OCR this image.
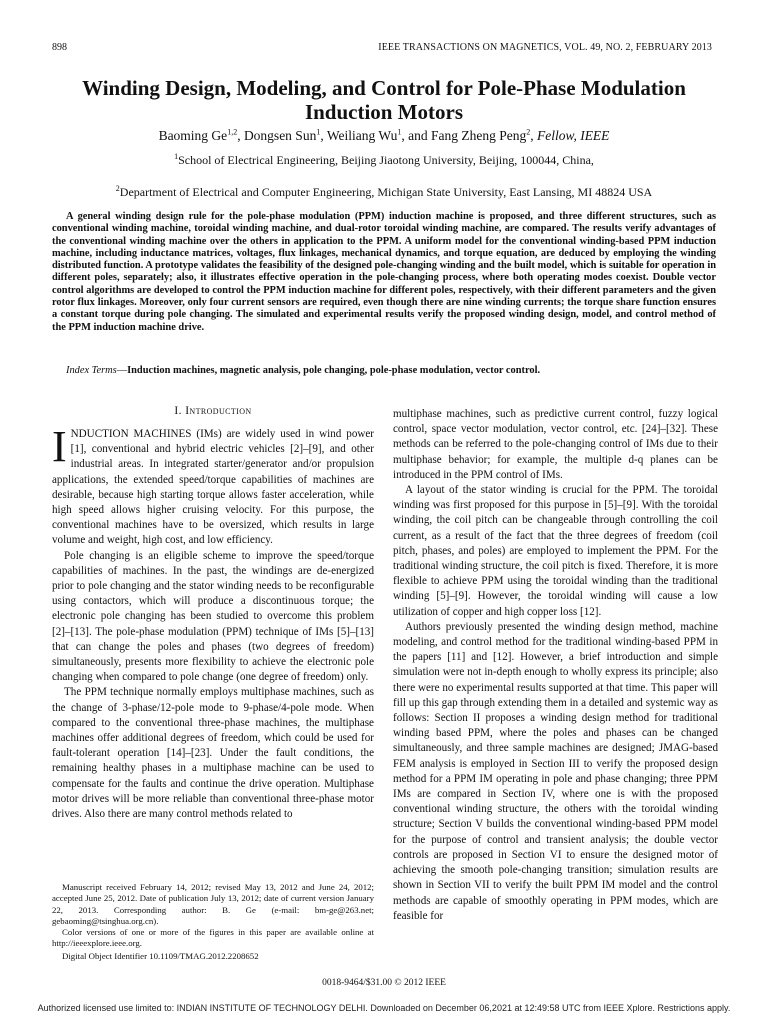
898	IEEE TRANSACTIONS ON MAGNETICS, VOL. 49, NO. 2, FEBRUARY 2013
Winding Design, Modeling, and Control for Pole-Phase Modulation Induction Motors
Baoming Ge$^{1,2}$, Dongsen Sun$^1$, Weiliang Wu$^1$, and Fang Zheng Peng$^2$, Fellow, IEEE
$^1$School of Electrical Engineering, Beijing Jiaotong University, Beijing, 100044, China,
$^2$Department of Electrical and Computer Engineering, Michigan State University, East Lansing, MI 48824 USA

A general winding design rule for the pole-phase modulation (PPM) induction machine is proposed, and three different structures, such as conventional winding machine, toroidal winding machine, and dual-rotor toroidal winding machine, are compared. The results verify advantages of the conventional winding machine over the others in application to the PPM. A uniform model for the conventional winding-based PPM induction machine, including inductance matrices, voltages, flux linkages, mechanical dynamics, and torque equation, are deduced by employing the winding distributed function. A prototype validates the feasibility of the designed pole-changing winding and the built model, which is suitable for operation in different poles, separately; also, it illustrates effective operation in the pole-changing process, where both operating modes coexist. Double vector control algorithms are developed to control the PPM induction machine for different poles, respectively, with their different parameters and the given rotor flux linkages. Moreover, only four current sensors are required, even though there are nine winding currents; the torque share function ensures a constant torque during pole changing. The simulated and experimental results verify the proposed winding design, model, and control method of the PPM induction machine drive.

Index Terms—Induction machines, magnetic analysis, pole changing, pole-phase modulation, vector control.

I. Introduction

INDUCTION MACHINES (IMs) are widely used in wind power [1], conventional and hybrid electric vehicles [2]–[9], and other industrial areas. In integrated starter/generator and/or propulsion applications, the extended speed/torque capabilities of machines are desirable, because high starting torque allows faster acceleration, while high speed allows higher cruising velocity. For this purpose, the conventional machines have to be oversized, which results in large volume and weight, high cost, and low efficiency.

Pole changing is an eligible scheme to improve the speed/torque capabilities of machines. In the past, the windings are de-energized prior to pole changing and the stator winding needs to be reconfigurable using contactors, which will produce a discontinuous torque; the electronic pole changing has been studied to overcome this problem [2]–[13]. The pole-phase modulation (PPM) technique of IMs [5]–[13] that can change the poles and phases (two degrees of freedom) simultaneously, presents more flexibility to achieve the electronic pole changing when compared to pole change (one degree of freedom) only.

The PPM technique normally employs multiphase machines, such as the change of 3-phase/12-pole mode to 9-phase/4-pole mode. When compared to the conventional three-phase machines, the multiphase machines offer additional degrees of freedom, which could be used for fault-tolerant operation [14]–[23]. Under the fault conditions, the remaining healthy phases in a multiphase machine can be used to compensate for the faults and continue the drive operation. Multiphase motor drives will be more reliable than conventional three-phase motor drives. Also there are many control methods related to

multiphase machines, such as predictive current control, fuzzy logical control, space vector modulation, vector control, etc. [24]–[32]. These methods can be referred to the pole-changing control of IMs due to their multiphase behavior; for example, the multiple d-q planes can be introduced in the PPM control of IMs.

A layout of the stator winding is crucial for the PPM. The toroidal winding was first proposed for this purpose in [5]–[9]. With the toroidal winding, the coil pitch can be changeable through controlling the coil current, as a result of the fact that the three degrees of freedom (coil pitch, phases, and poles) are employed to implement the PPM. For the traditional winding structure, the coil pitch is fixed. Therefore, it is more flexible to achieve PPM using the toroidal winding than the traditional winding [5]–[9]. However, the toroidal winding will cause a low utilization of copper and high copper loss [12].

Authors previously presented the winding design method, machine modeling, and control method for the traditional winding-based PPM in the papers [11] and [12]. However, a brief introduction and simple simulation were not in-depth enough to wholly express its principle; also there were no experimental results supported at that time. This paper will fill up this gap through extending them in a detailed and systemic way as follows: Section II proposes a winding design method for traditional winding based PPM, where the poles and phases can be changed simultaneously, and three sample machines are designed; JMAG-based FEM analysis is employed in Section III to verify the proposed design method for a PPM IM operating in pole and phase changing; three PPM IMs are compared in Section IV, where one is with the proposed conventional winding structure, the others with the toroidal winding structure; Section V builds the conventional winding-based PPM model for the purpose of control and transient analysis; the double vector controls are proposed in Section VI to ensure the designed motor of achieving the smooth pole-changing transition; simulation results are shown in Section VII to verify the built PPM IM model and the control methods are capable of smoothly operating in PPM modes, which are feasible for

Manuscript received February 14, 2012; revised May 13, 2012 and June 24, 2012; accepted June 25, 2012. Date of publication July 13, 2012; date of current version January 22, 2013. Corresponding author: B. Ge (e-mail: bm-ge@263.net; gebaoming@tsinghua.org.cn).

Color versions of one or more of the figures in this paper are available online at http://ieeexplore.ieee.org.

Digital Object Identifier 10.1109/TMAG.2012.2208652

0018-9464/$31.00 © 2012 IEEE
Authorized licensed use limited to: INDIAN INSTITUTE OF TECHNOLOGY DELHI. Downloaded on December 06,2021 at 12:49:58 UTC from IEEE Xplore. Restrictions apply.
